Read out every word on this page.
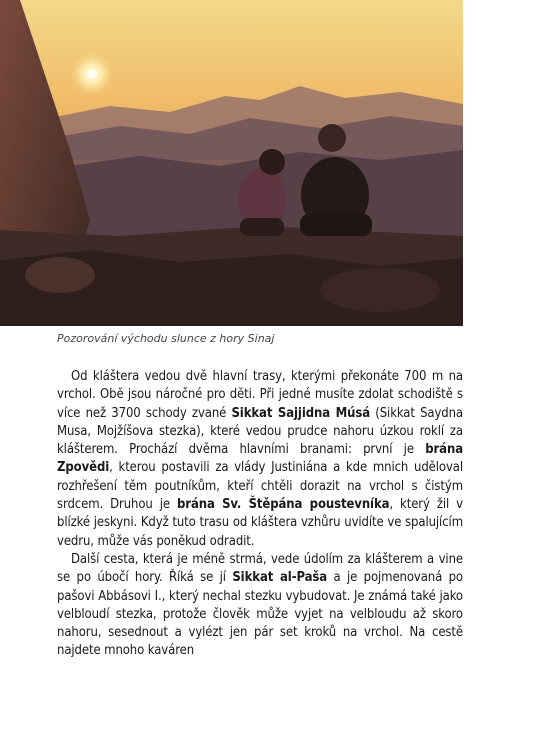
Pozorování východu slunce z hory Sinaj

Od kláštera vedou dvě hlavní trasy, kterými překonáte 700 m na vrchol. Obě jsou náročné pro děti. Při jedné musíte zdolat schodiště s více než 3700 schody zvané Sikkat Sajjidna Músá (Sikkat Saydna Musa, Mojžíšova stezka), které vedou prudce nahoru úzkou roklí za klášterem. Prochází dvěma hlavními branami: první je brána Zpovědi, kterou postavili za vlády Justiniána a kde mnich uděloval rozhřešení těm poutníkům, kteří chtěli dorazit na vrchol s čistým srdcem. Druhou je brána Sv. Štěpána poustevníka, který žil v blízké jeskyni. Když tuto trasu od kláštera vzhůru uvidíte ve spalujícím vedru, může vás poněkud odradit.

Další cesta, která je méně strmá, vede údolím za klášterem a vine se po úbočí hory. Říká se jí Sikkat al-Paša a je pojmenovaná po pašovi Abbásovi I., který nechal stezku vybudovat. Je známá také jako velbloudí stezka, protože člověk může vyjet na velbloudu až skoro nahoru, sesednout a vylézt jen pár set kroků na vrchol. Na cestě najdete mnoho kaváren
